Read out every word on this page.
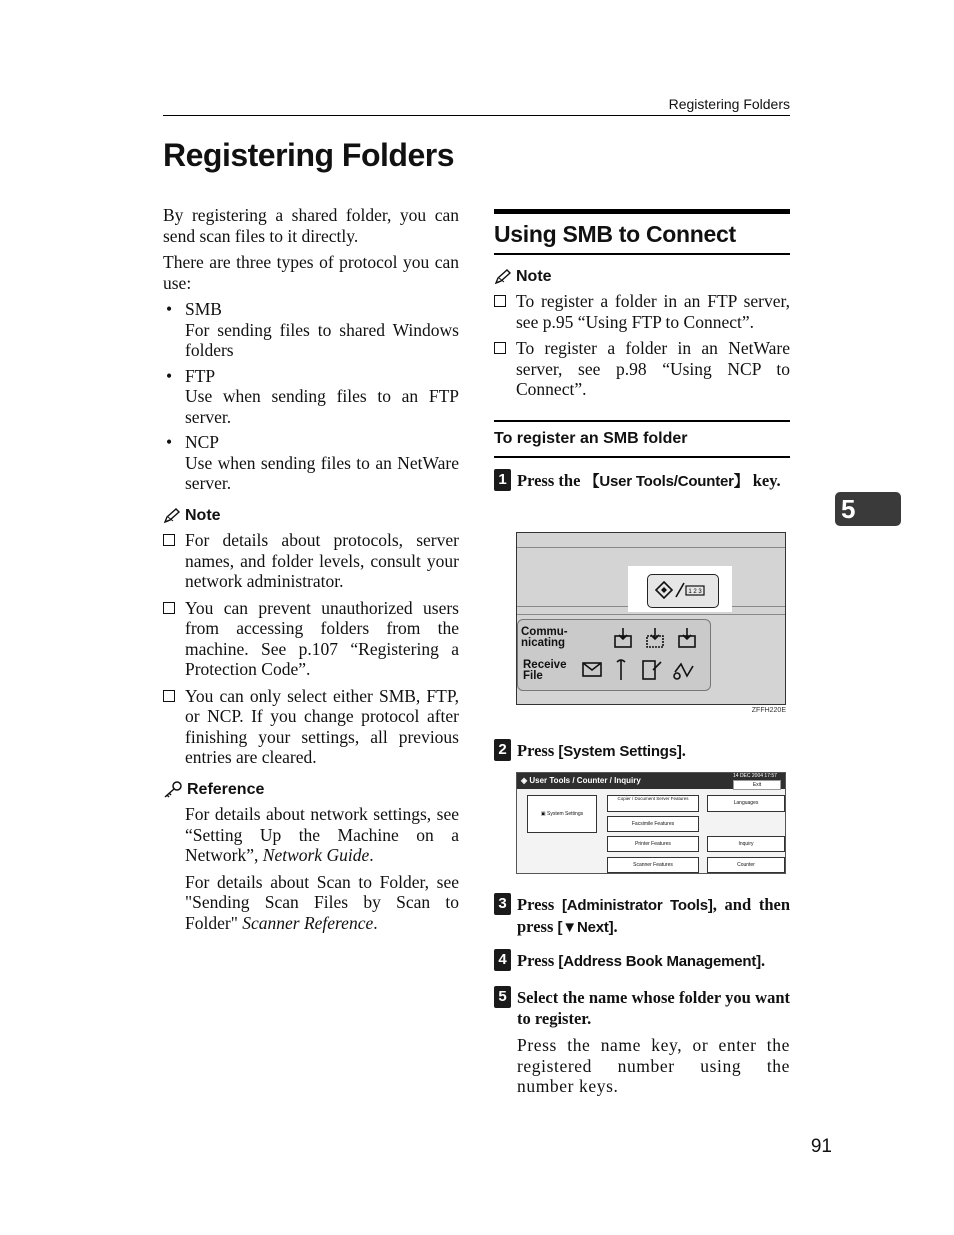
Registering Folders
Registering Folders

By registering a shared folder, you can send scan files to it directly.

There are three types of protocol you can use:

• SMB
For sending files to shared Windows folders
• FTP
Use when sending files to an FTP server.
• NCP
Use when sending files to an NetWare server.
Note
For details about protocols, server names, and folder levels, consult your network administrator.
You can prevent unauthorized users from accessing folders from the machine. See p.107 “Registering a Protection Code”.
You can only select either SMB, FTP, or NCP. If you change protocol after finishing your settings, all previous entries are cleared.
Reference

For details about network settings, see “Setting Up the Machine on a Network”, Network Guide.

For details about Scan to Folder, see "Sending Scan Files by Scan to Folder" Scanner Reference.

Using SMB to Connect
Note
To register a folder in an FTP server, see p.95 “Using FTP to Connect”.
To register a folder in an NetWare server, see p.98 “Using NCP to Connect”.
To register an SMB folder
1 Press the 【User Tools/Counter】 key.
1 2 3
Commu-
nicating
Receive
File
ZFFH220E
2 Press [System Settings].
◈ User Tools / Counter / Inquiry	14 DEC 2004 17:57
Exit
▣ System Settings
Copier / Document Server Features
Facsimile Features
Printer Features
Scanner Features
Languages
Inquiry
Counter
3 Press [Administrator Tools], and then press [▼Next].
4 Press [Address Book Management].
5 Select the name whose folder you want to register.
Press the name key, or enter the registered number using the number keys.
5
91
